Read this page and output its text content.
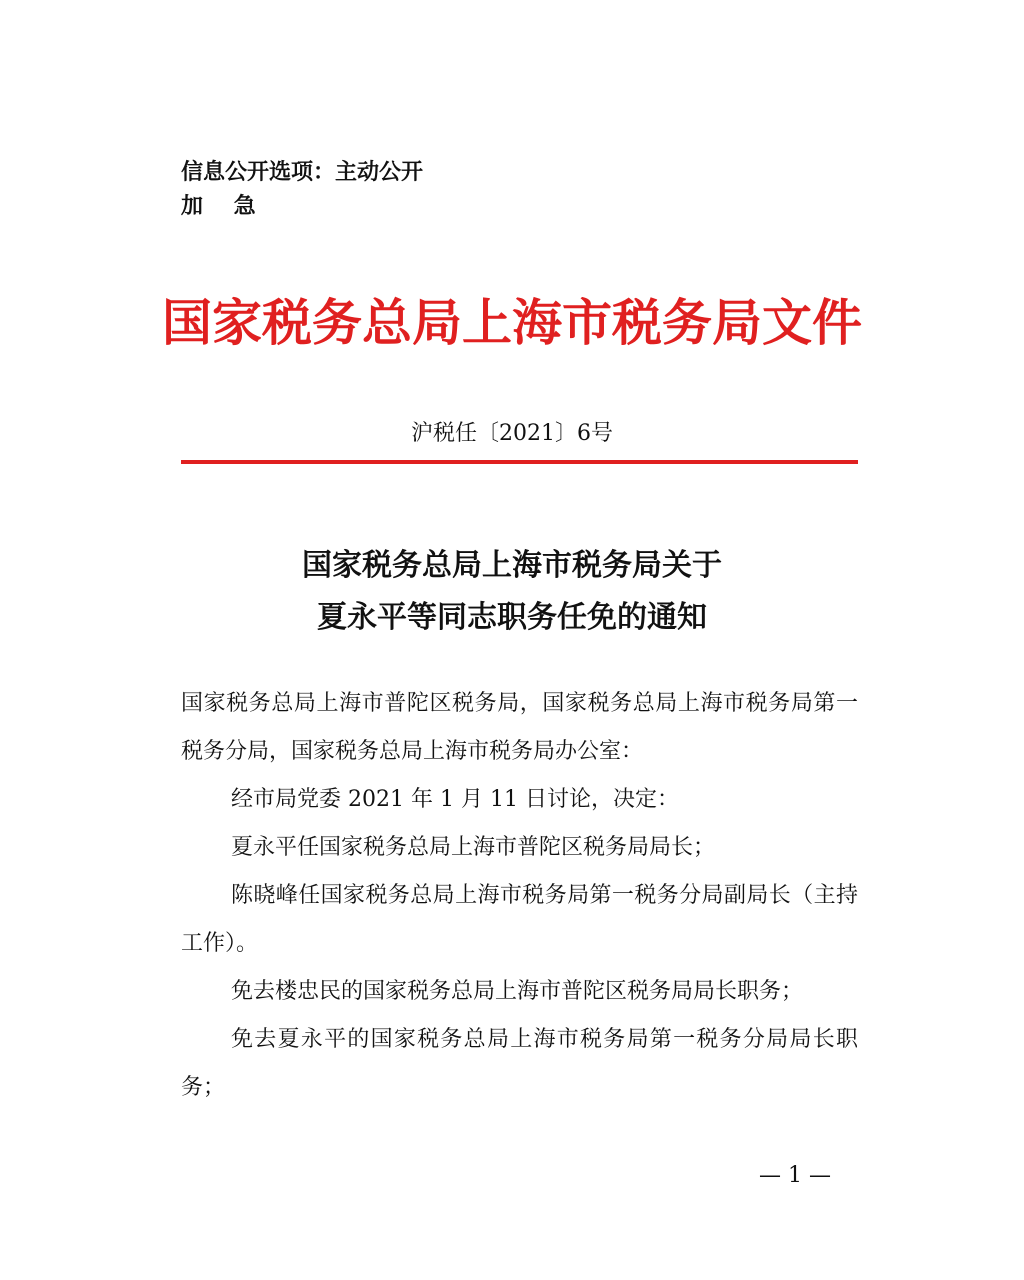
信息公开选项：主动公开
加    急
国家税务总局上海市税务局文件
沪税任〔2021〕6号
国家税务总局上海市税务局关于
夏永平等同志职务任免的通知

国家税务总局上海市普陀区税务局，国家税务总局上海市税务局第一税务分局，国家税务总局上海市税务局办公室：

经市局党委 2021 年 1 月 11 日讨论，决定：

夏永平任国家税务总局上海市普陀区税务局局长；

陈晓峰任国家税务总局上海市税务局第一税务分局副局长（主持工作）。

免去楼忠民的国家税务总局上海市普陀区税务局局长职务；

免去夏永平的国家税务总局上海市税务局第一税务分局局长职务；

— 1 —
